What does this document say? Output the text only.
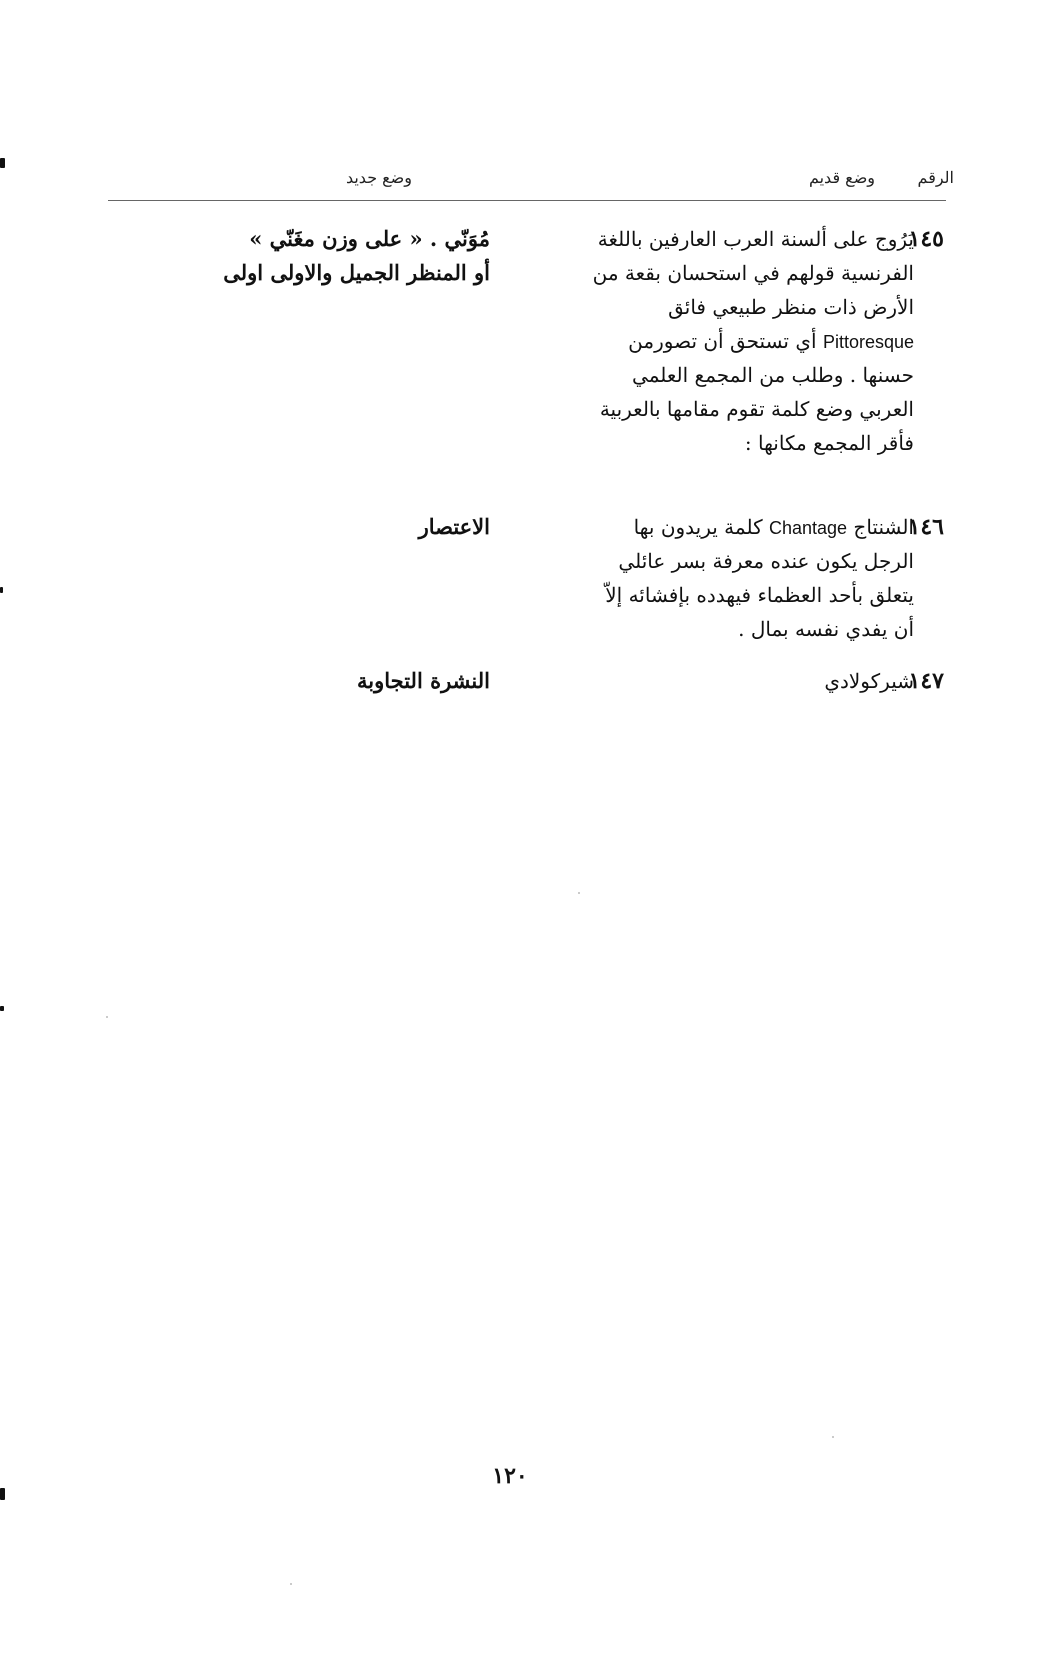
الرقم
وضع قديم
وضع جديد
١٤٥
يَرُوج على ألسنة العرب العارفين باللغة
الفرنسية قولهم في استحسان بقعة من
الأرض ذات منظر طبيعي فائق
Pittoresque أي تستحق أن تصورمن
حسنها . وطلب من المجمع العلمي
العربي وضع كلمة تقوم مقامها بالعربية
فأقر المجمع مكانها :
مُوَنّي . « على وزن مغَنّي »
أو المنظر الجميل والاولى اولى
١٤٦
الشنتاج Chantage كلمة يريدون بها
الرجل يكون عنده معرفة بسر عائلي
يتعلق بأحد العظماء فيهدده بإفشائه إلاّ
أن يفدي نفسه بمال .
الاعتصار
١٤٧
شيركولادي
النشرة التجاوبة
١٢٠
